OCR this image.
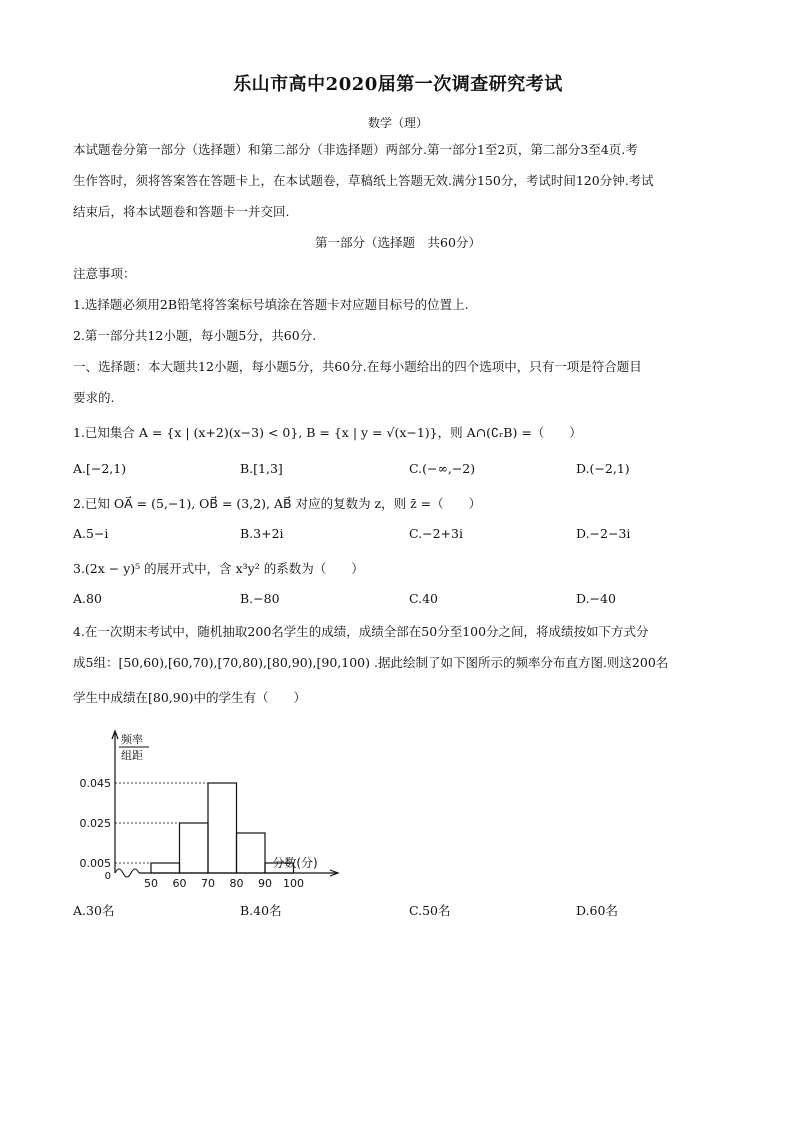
乐山市高中2020届第一次调查研究考试
数学（理）
本试题卷分第一部分（选择题）和第二部分（非选择题）两部分.第一部分1至2页，第二部分3至4页.考
生作答时，须将答案答在答题卡上，在本试题卷，草稿纸上答题无效.满分150分，考试时间120分钟.考试
结束后，将本试题卷和答题卡一并交回.
第一部分（选择题　共60分）
注意事项：
1.选择题必须用2B铅笔将答案标号填涂在答题卡对应题目标号的位置上.
2.第一部分共12小题，每小题5分，共60分.
一、选择题：本大题共12小题，每小题5分，共60分.在每小题给出的四个选项中，只有一项是符合题目
要求的.
1.已知集合 A = {x | (x+2)(x−3) < 0}, B = {x | y = √(x−1)}，则 A∩(∁ᵣB) =（　　）
A.[−2,1)	B.[1,3]	C.(−∞,−2)	D.(−2,1)
2.已知 OA⃗ = (5,−1), OB⃗ = (3,2), AB⃗ 对应的复数为 z，则 z̄ =（　　）
A.5−i	B.3+2i	C.−2+3i	D.−2−3i
3.(2x − y)⁵ 的展开式中，含 x³y² 的系数为（　　）
A.80	B.−80	C.40	D.−40
4.在一次期末考试中，随机抽取200名学生的成绩，成绩全部在50分至100分之间，将成绩按如下方式分
成5组：[50,60),[60,70),[70,80),[80,90),[90,100) .据此绘制了如下图所示的频率分布直方图.则这200名
学生中成绩在[80,90)中的学生有（　　）
频率
组距
0.005
0.025
0.045
0
50 60 70 80 90 100
分数(分)
A.30名	B.40名	C.50名	D.60名
